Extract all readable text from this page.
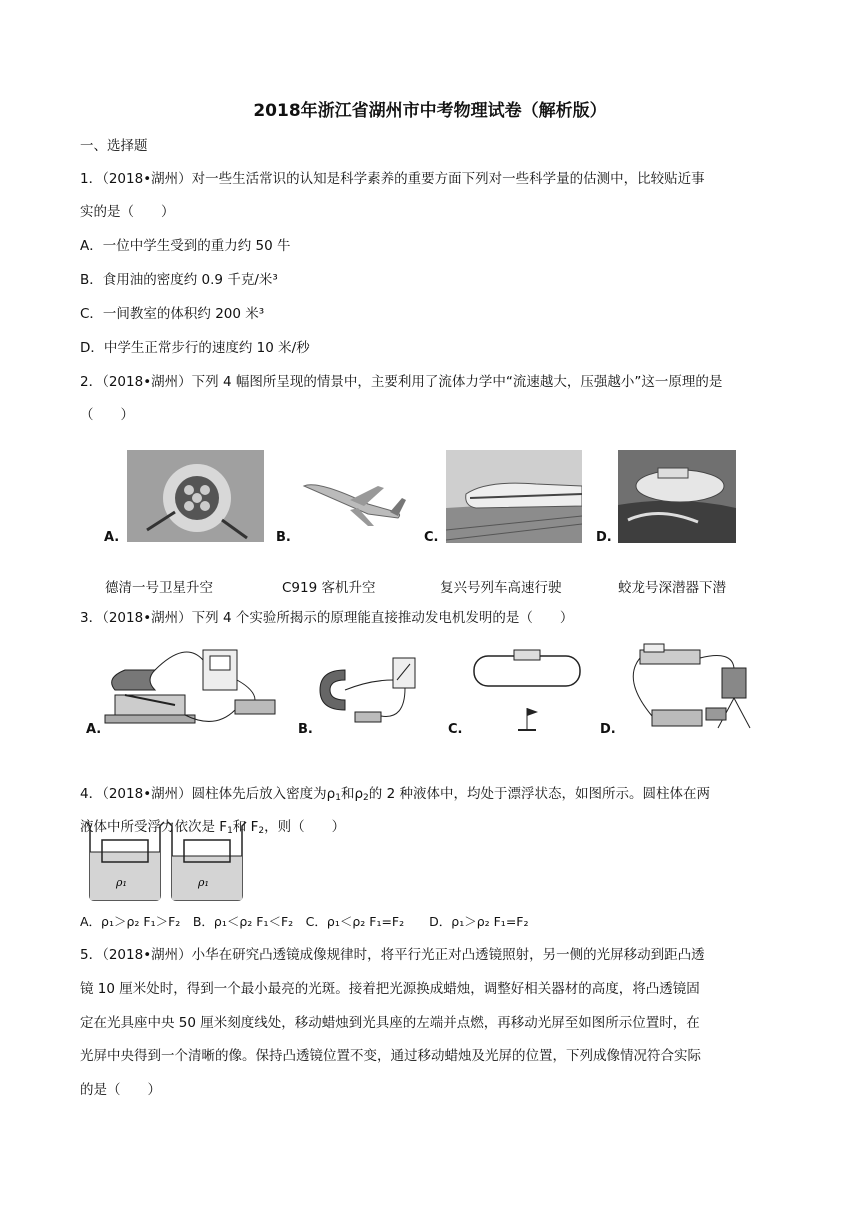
2018年浙江省湖州市中考物理试卷（解析版）
一、选择题
1．（2018•湖州）对一些生活常识的认知是科学素养的重要方面下列对一些科学量的估测中，比较贴近事
实的是（　　）
A．一位中学生受到的重力约 50 牛
B．食用油的密度约 0.9 千克/米³
C．一间教室的体积约 200 米³
D．中学生正常步行的速度约 10 米/秒
2．（2018•湖州）下列 4 幅图所呈现的情景中，主要利用了流体力学中“流速越大，压强越小”这一原理的是
（　　）
A.	B.	C.	D.
德清一号卫星升空	C919 客机升空	复兴号列车高速行驶	蛟龙号深潜器下潜
3．（2018•湖州）下列 4 个实验所揭示的原理能直接推动发电机发明的是（　　）
A.	B.	C.	D.
4．（2018•湖州）圆柱体先后放入密度为$\rho_1$和$\rho_2$的 2 种液体中，均处于漂浮状态，如图所示。圆柱体在两
液体中所受浮力依次是 $F_1$和 $F_2$，则（　　）
ρ₁	ρ₁
A．ρ₁＞ρ₂ F₁＞F₂　B．ρ₁＜ρ₂ F₁＜F₂　C．ρ₁＜ρ₂ F₁=F₂　　D．ρ₁＞ρ₂ F₁=F₂
5．（2018•湖州）小华在研究凸透镜成像规律时，将平行光正对凸透镜照射，另一侧的光屏移动到距凸透
镜 10 厘米处时，得到一个最小最亮的光斑。接着把光源换成蜡烛，调整好相关器材的高度，将凸透镜固
定在光具座中央 50 厘米刻度线处，移动蜡烛到光具座的左端并点燃，再移动光屏至如图所示位置时，在
光屏中央得到一个清晰的像。保持凸透镜位置不变，通过移动蜡烛及光屏的位置，下列成像情况符合实际
的是（　　）
